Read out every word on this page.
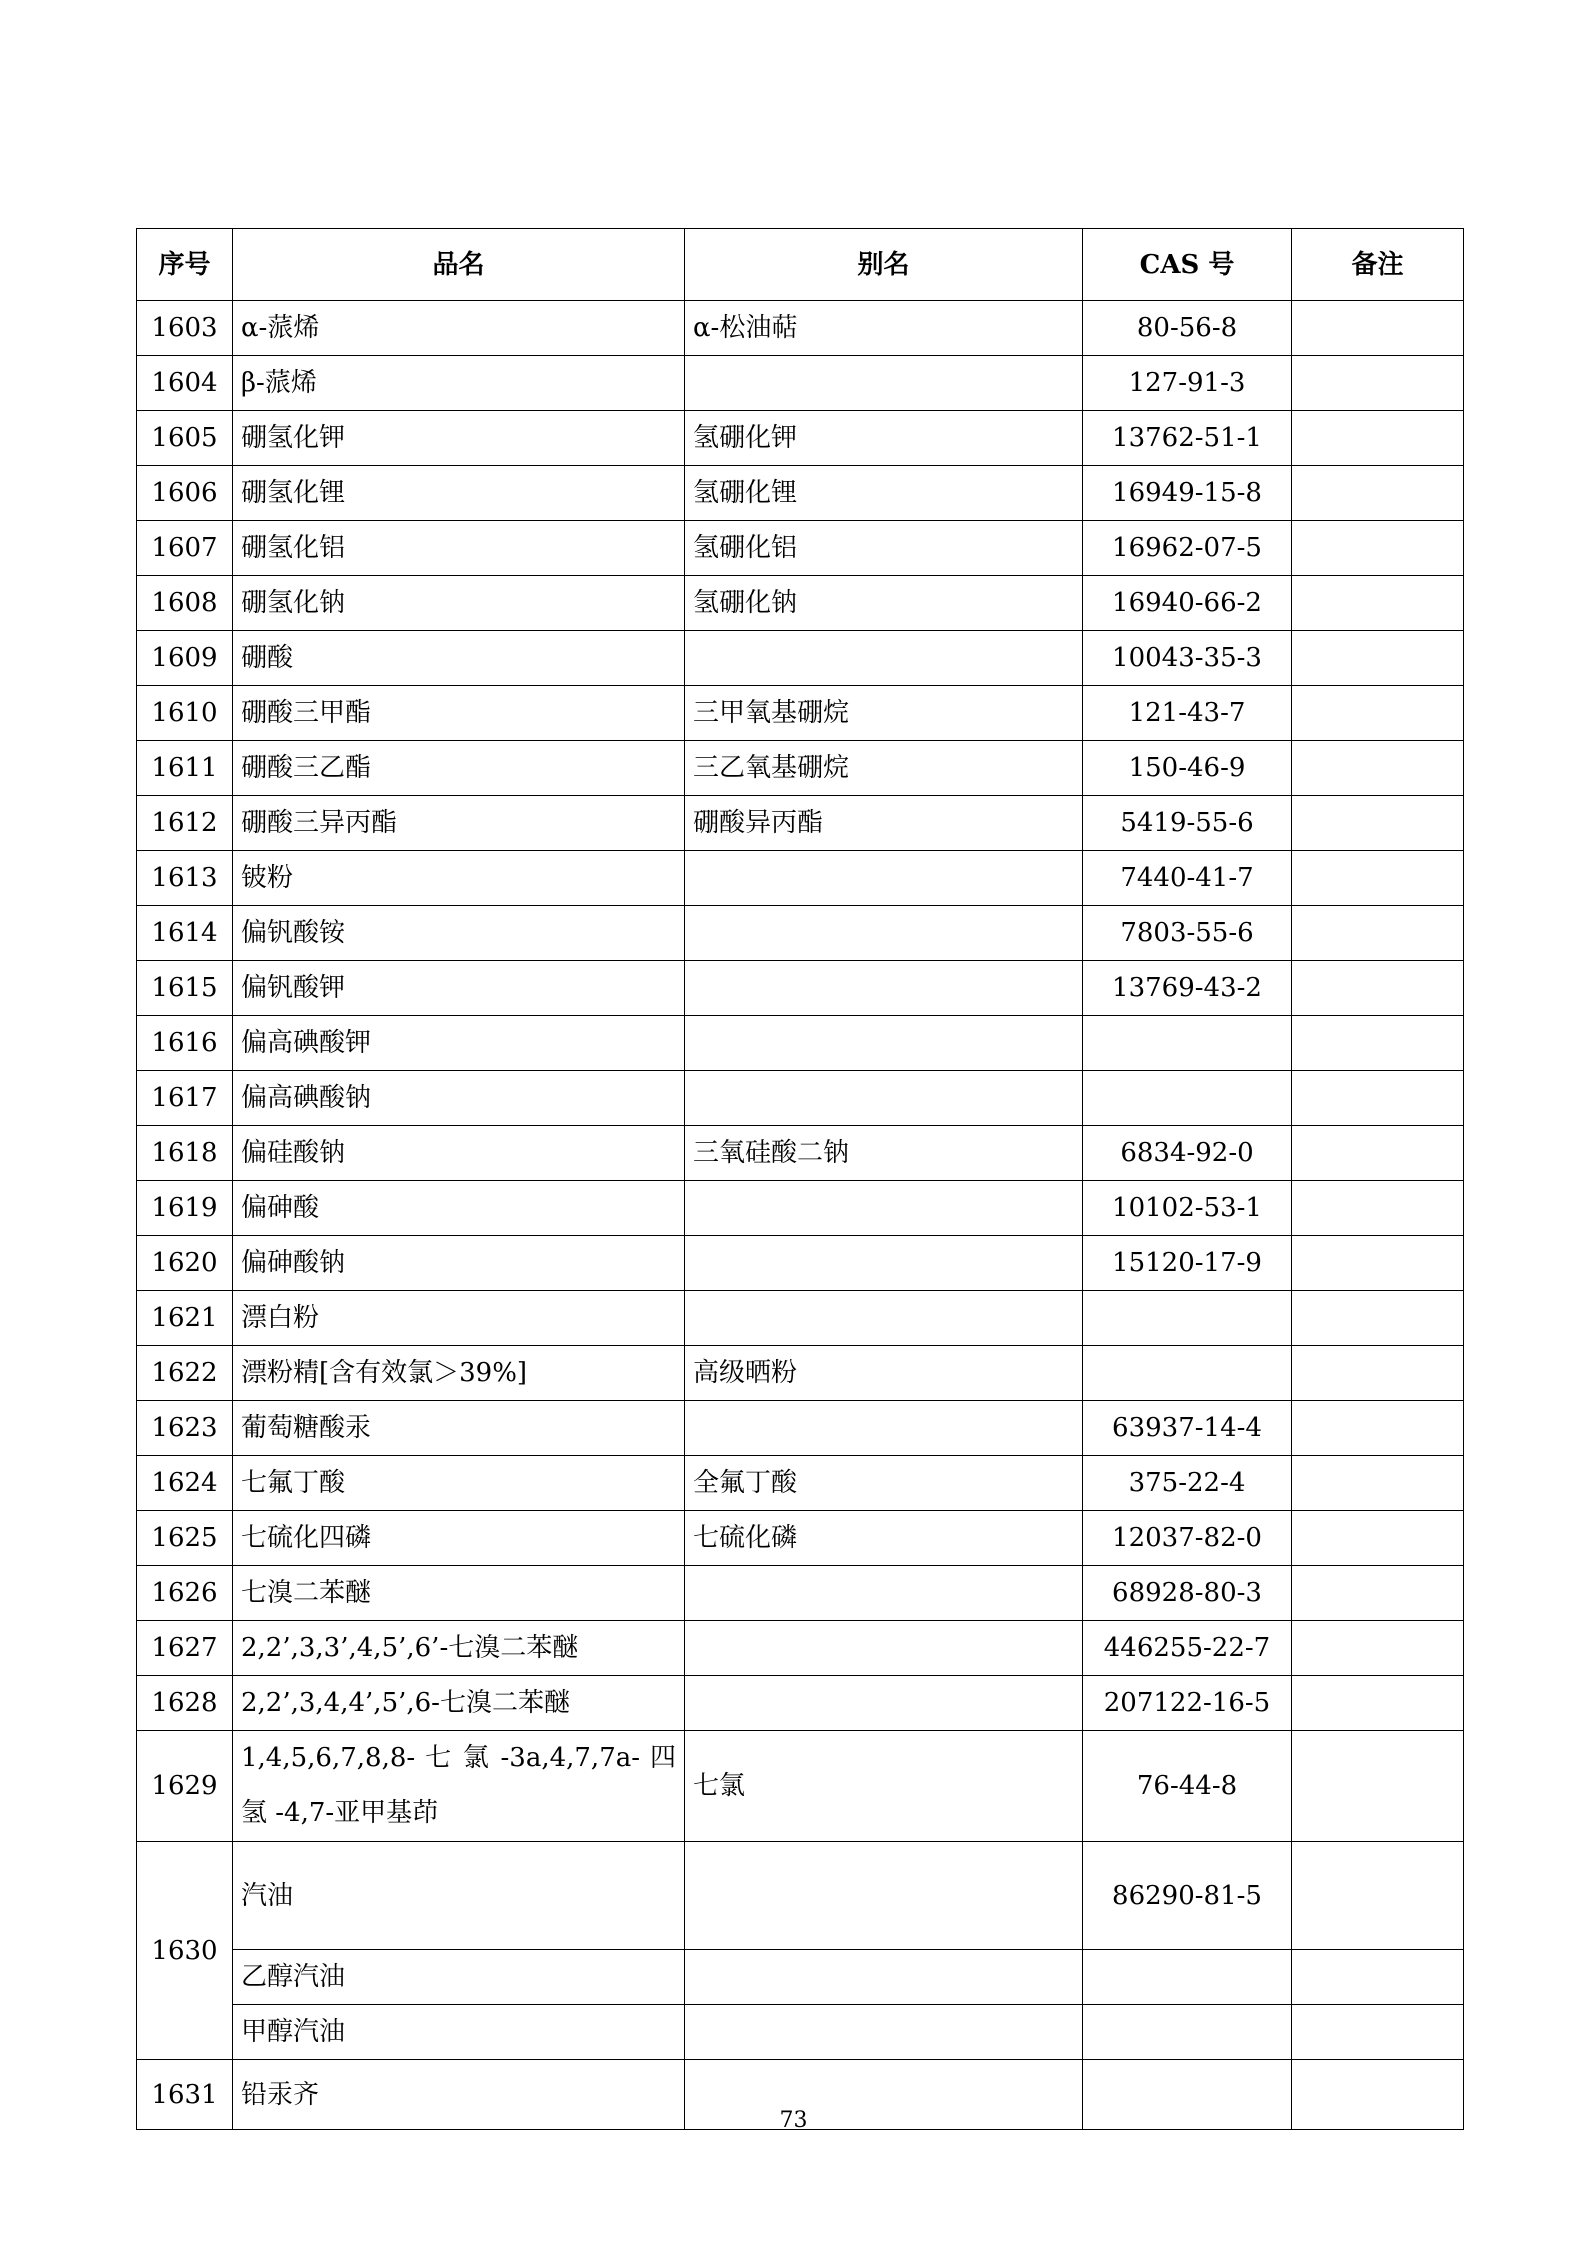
序号	品名	别名	CAS 号	备注
1603	α-蒎烯	α-松油萜	80-56-8	
1604	β-蒎烯		127-91-3	
1605	硼氢化钾	氢硼化钾	13762-51-1	
1606	硼氢化锂	氢硼化锂	16949-15-8	
1607	硼氢化铝	氢硼化铝	16962-07-5	
1608	硼氢化钠	氢硼化钠	16940-66-2	
1609	硼酸		10043-35-3	
1610	硼酸三甲酯	三甲氧基硼烷	121-43-7	
1611	硼酸三乙酯	三乙氧基硼烷	150-46-9	
1612	硼酸三异丙酯	硼酸异丙酯	5419-55-6	
1613	铍粉		7440-41-7	
1614	偏钒酸铵		7803-55-6	
1615	偏钒酸钾		13769-43-2	
1616	偏高碘酸钾			
1617	偏高碘酸钠			
1618	偏硅酸钠	三氧硅酸二钠	6834-92-0	
1619	偏砷酸		10102-53-1	
1620	偏砷酸钠		15120-17-9	
1621	漂白粉			
1622	漂粉精[含有效氯＞39%]	高级晒粉		
1623	葡萄糖酸汞		63937-14-4	
1624	七氟丁酸	全氟丁酸	375-22-4	
1625	七硫化四磷	七硫化磷	12037-82-0	
1626	七溴二苯醚		68928-80-3	
1627	2,2’,3,3’,4,5’,6’-七溴二苯醚		446255-22-7	
1628	2,2’,3,4,4’,5’,6-七溴二苯醚		207122-16-5	
1629	1,4,5,6,7,8,8- 七 氯 -3a,4,7,7a- 四 氢 -4,7-亚甲基茚	七氯	76-44-8	
1630	汽油		86290-81-5	
	乙醇汽油			
	甲醇汽油			
1631	铅汞齐			
73
